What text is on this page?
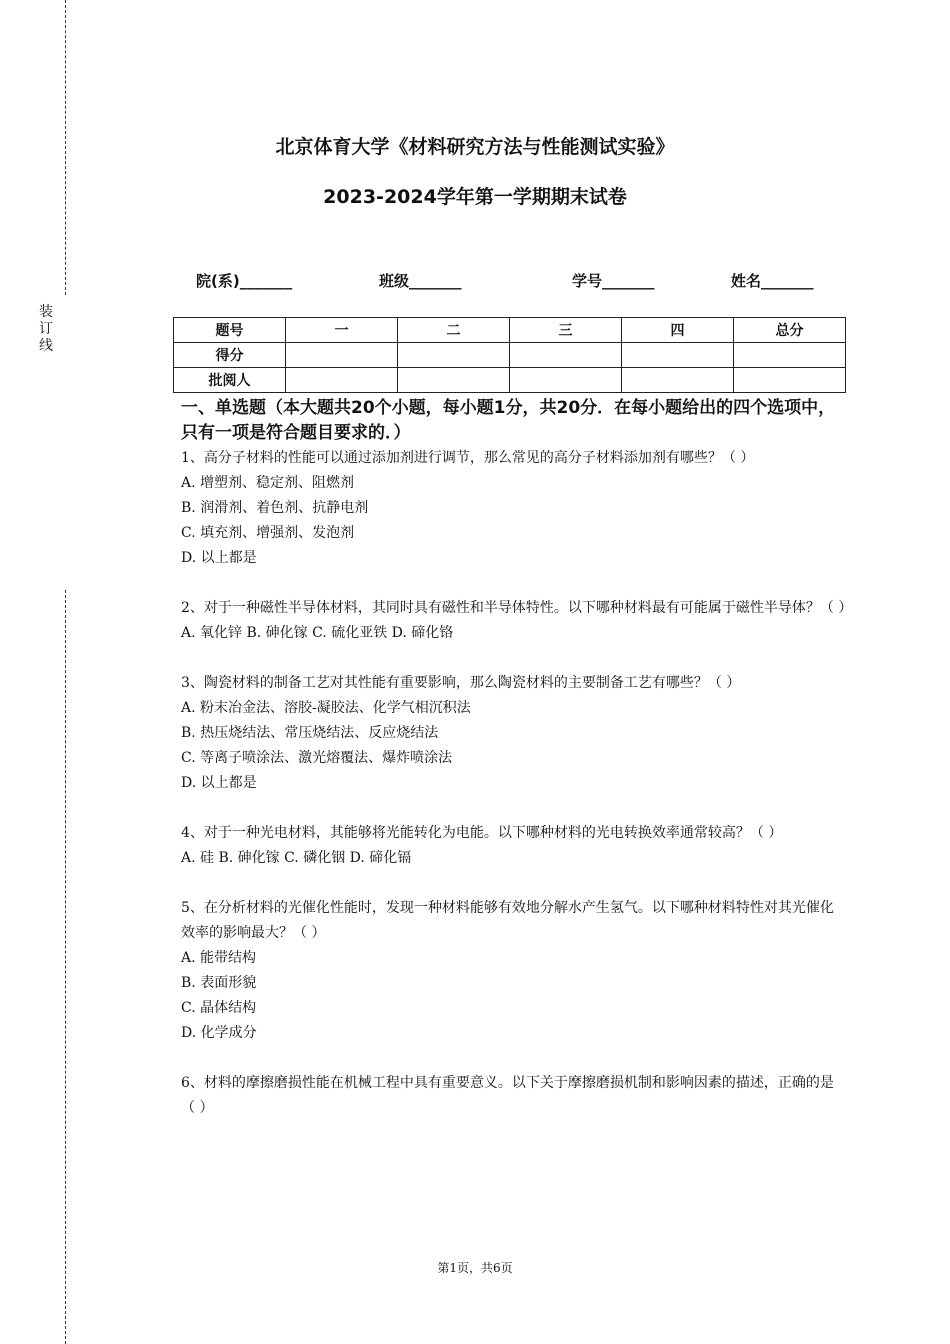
装订线
北京体育大学《材料研究方法与性能测试实验》
2023-2024学年第一学期期末试卷
院(系)_______	班级_______	学号_______	姓名_______
题号	一	二	三	四	总分
得分					
批阅人					

一、单选题（本大题共20个小题，每小题1分，共20分．在每小题给出的四个选项中，只有一项是符合题目要求的．）

1、高分子材料的性能可以通过添加剂进行调节，那么常见的高分子材料添加剂有哪些？（ ）

A. 增塑剂、稳定剂、阻燃剂

B. 润滑剂、着色剂、抗静电剂

C. 填充剂、增强剂、发泡剂

D. 以上都是

2、对于一种磁性半导体材料，其同时具有磁性和半导体特性。以下哪种材料最有可能属于磁性半导体？（ ）

A. 氧化锌 B. 砷化镓 C. 硫化亚铁 D. 碲化铬

3、陶瓷材料的制备工艺对其性能有重要影响，那么陶瓷材料的主要制备工艺有哪些？（ ）

A. 粉末冶金法、溶胶-凝胶法、化学气相沉积法

B. 热压烧结法、常压烧结法、反应烧结法

C. 等离子喷涂法、激光熔覆法、爆炸喷涂法

D. 以上都是

4、对于一种光电材料，其能够将光能转化为电能。以下哪种材料的光电转换效率通常较高？（ ）

A. 硅 B. 砷化镓 C. 磷化铟 D. 碲化镉

5、在分析材料的光催化性能时，发现一种材料能够有效地分解水产生氢气。以下哪种材料特性对其光催化效率的影响最大？（ ）

A. 能带结构

B. 表面形貌

C. 晶体结构

D. 化学成分

6、材料的摩擦磨损性能在机械工程中具有重要意义。以下关于摩擦磨损机制和影响因素的描述，正确的是（ ）

第1页，共6页
